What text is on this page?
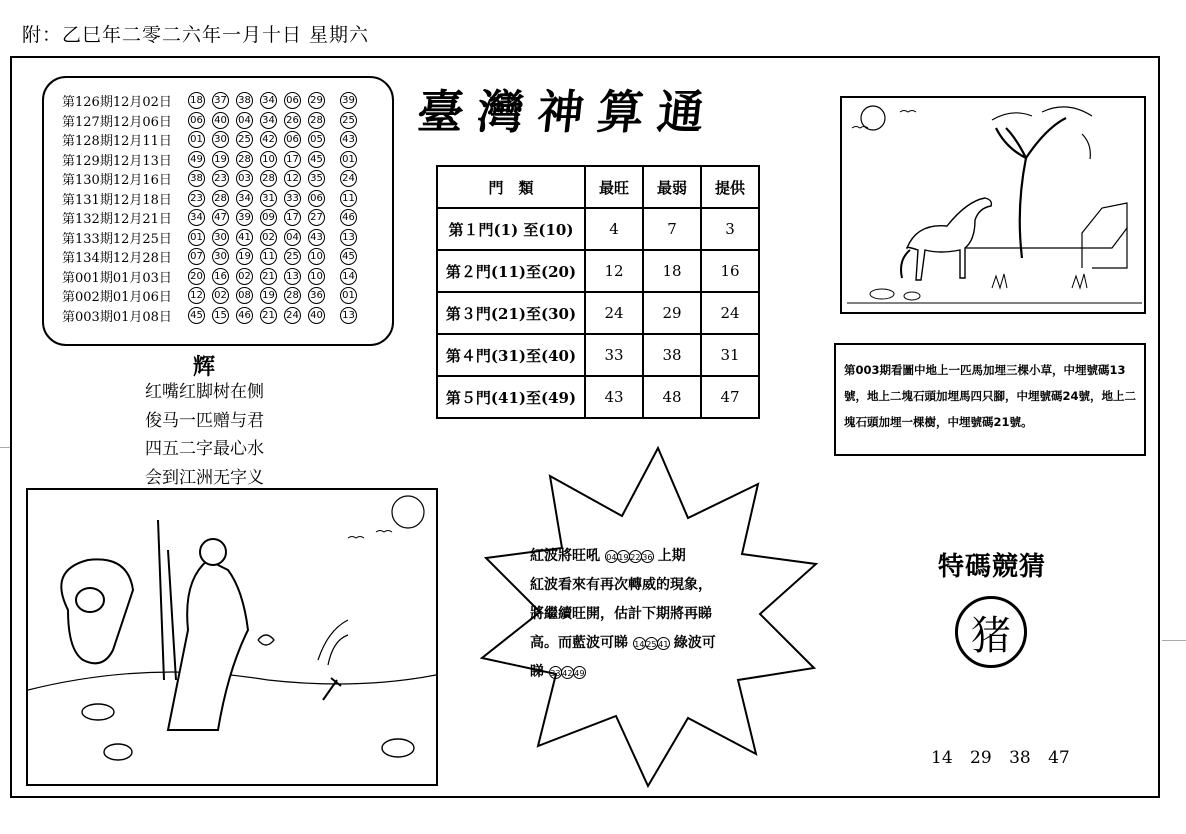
附：乙巳年二零二六年一月十日 星期六
第126期12月02日	18 37 38 34 06 29 39
第127期12月06日	06 40 04 34 26 28 25
第128期12月11日	01 30 25 42 06 05 43
第129期12月13日	49 19 28 10 17 45 01
第130期12月16日	38 23 03 28 12 35 24
第131期12月18日	23 28 34 31 33 06 11
第132期12月21日	34 47 39 09 17 27 46
第133期12月25日	01 30 41 02 04 43 13
第134期12月28日	07 30 19 11 25 10 45
第001期01月03日	20 16 02 21 13 10 14
第002期01月06日	12 02 08 19 28 36 01
第003期01月08日	45 15 46 21 24 40 13
辉
红嘴红脚树在侧
俊马一匹赠与君
四五二字最心水
会到江洲无字义
臺灣神算通
門　類	最旺	最弱	提供
第１門(1) 至(10)	4	7	3
第２門(11)至(20)	12	18	16
第３門(21)至(30)	24	29	24
第４門(31)至(40)	33	38	31
第５門(41)至(49)	43	48	47
第003期看圖中地上一匹馬加埋三棵小草，中埋號碼13號，地上二塊石頭加埋馬四只腳，中埋號碼24號，地上二塊石頭加埋一棵樹，中埋號碼21號。
紅波將旺吼 04 19 22 36 上期
紅波看來有再次轉威的現象，
將繼續旺開，估計下期將再睇
高。而藍波可睇 14 25 41 綠波可
睇 33 42 49
特碼競猜
猪
14 29 38 47
